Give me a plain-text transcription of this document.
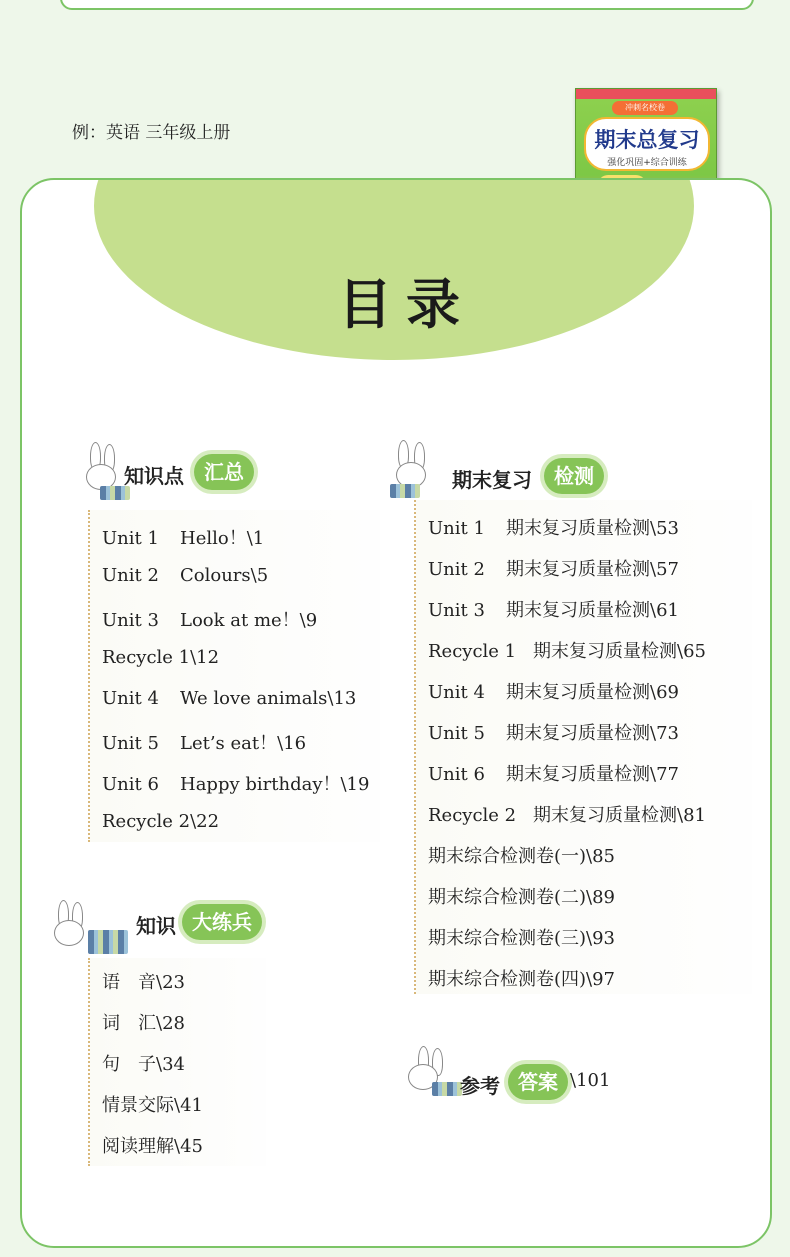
例：英语 三年级上册
冲刺名校卷
期末总复习
强化巩固+综合训练
目录
知识点	汇总
Unit 1 Hello！\1
Unit 2 Colours\5
Unit 3 Look at me！\9
Recycle 1\12
Unit 4 We love animals\13
Unit 5 Let’s eat！\16
Unit 6 Happy birthday！\19
Recycle 2\22
知识 大练兵
语　音\23
词　汇\28
句　子\34
情景交际\41
阅读理解\45
期末复习	检测
Unit 1 期末复习质量检测\53
Unit 2 期末复习质量检测\57
Unit 3 期末复习质量检测\61
Recycle 1 期末复习质量检测\65
Unit 4 期末复习质量检测\69
Unit 5 期末复习质量检测\73
Unit 6 期末复习质量检测\77
Recycle 2 期末复习质量检测\81
期末综合检测卷(一)\85
期末综合检测卷(二)\89
期末综合检测卷(三)\93
期末综合检测卷(四)\97
参考 答案 \101
